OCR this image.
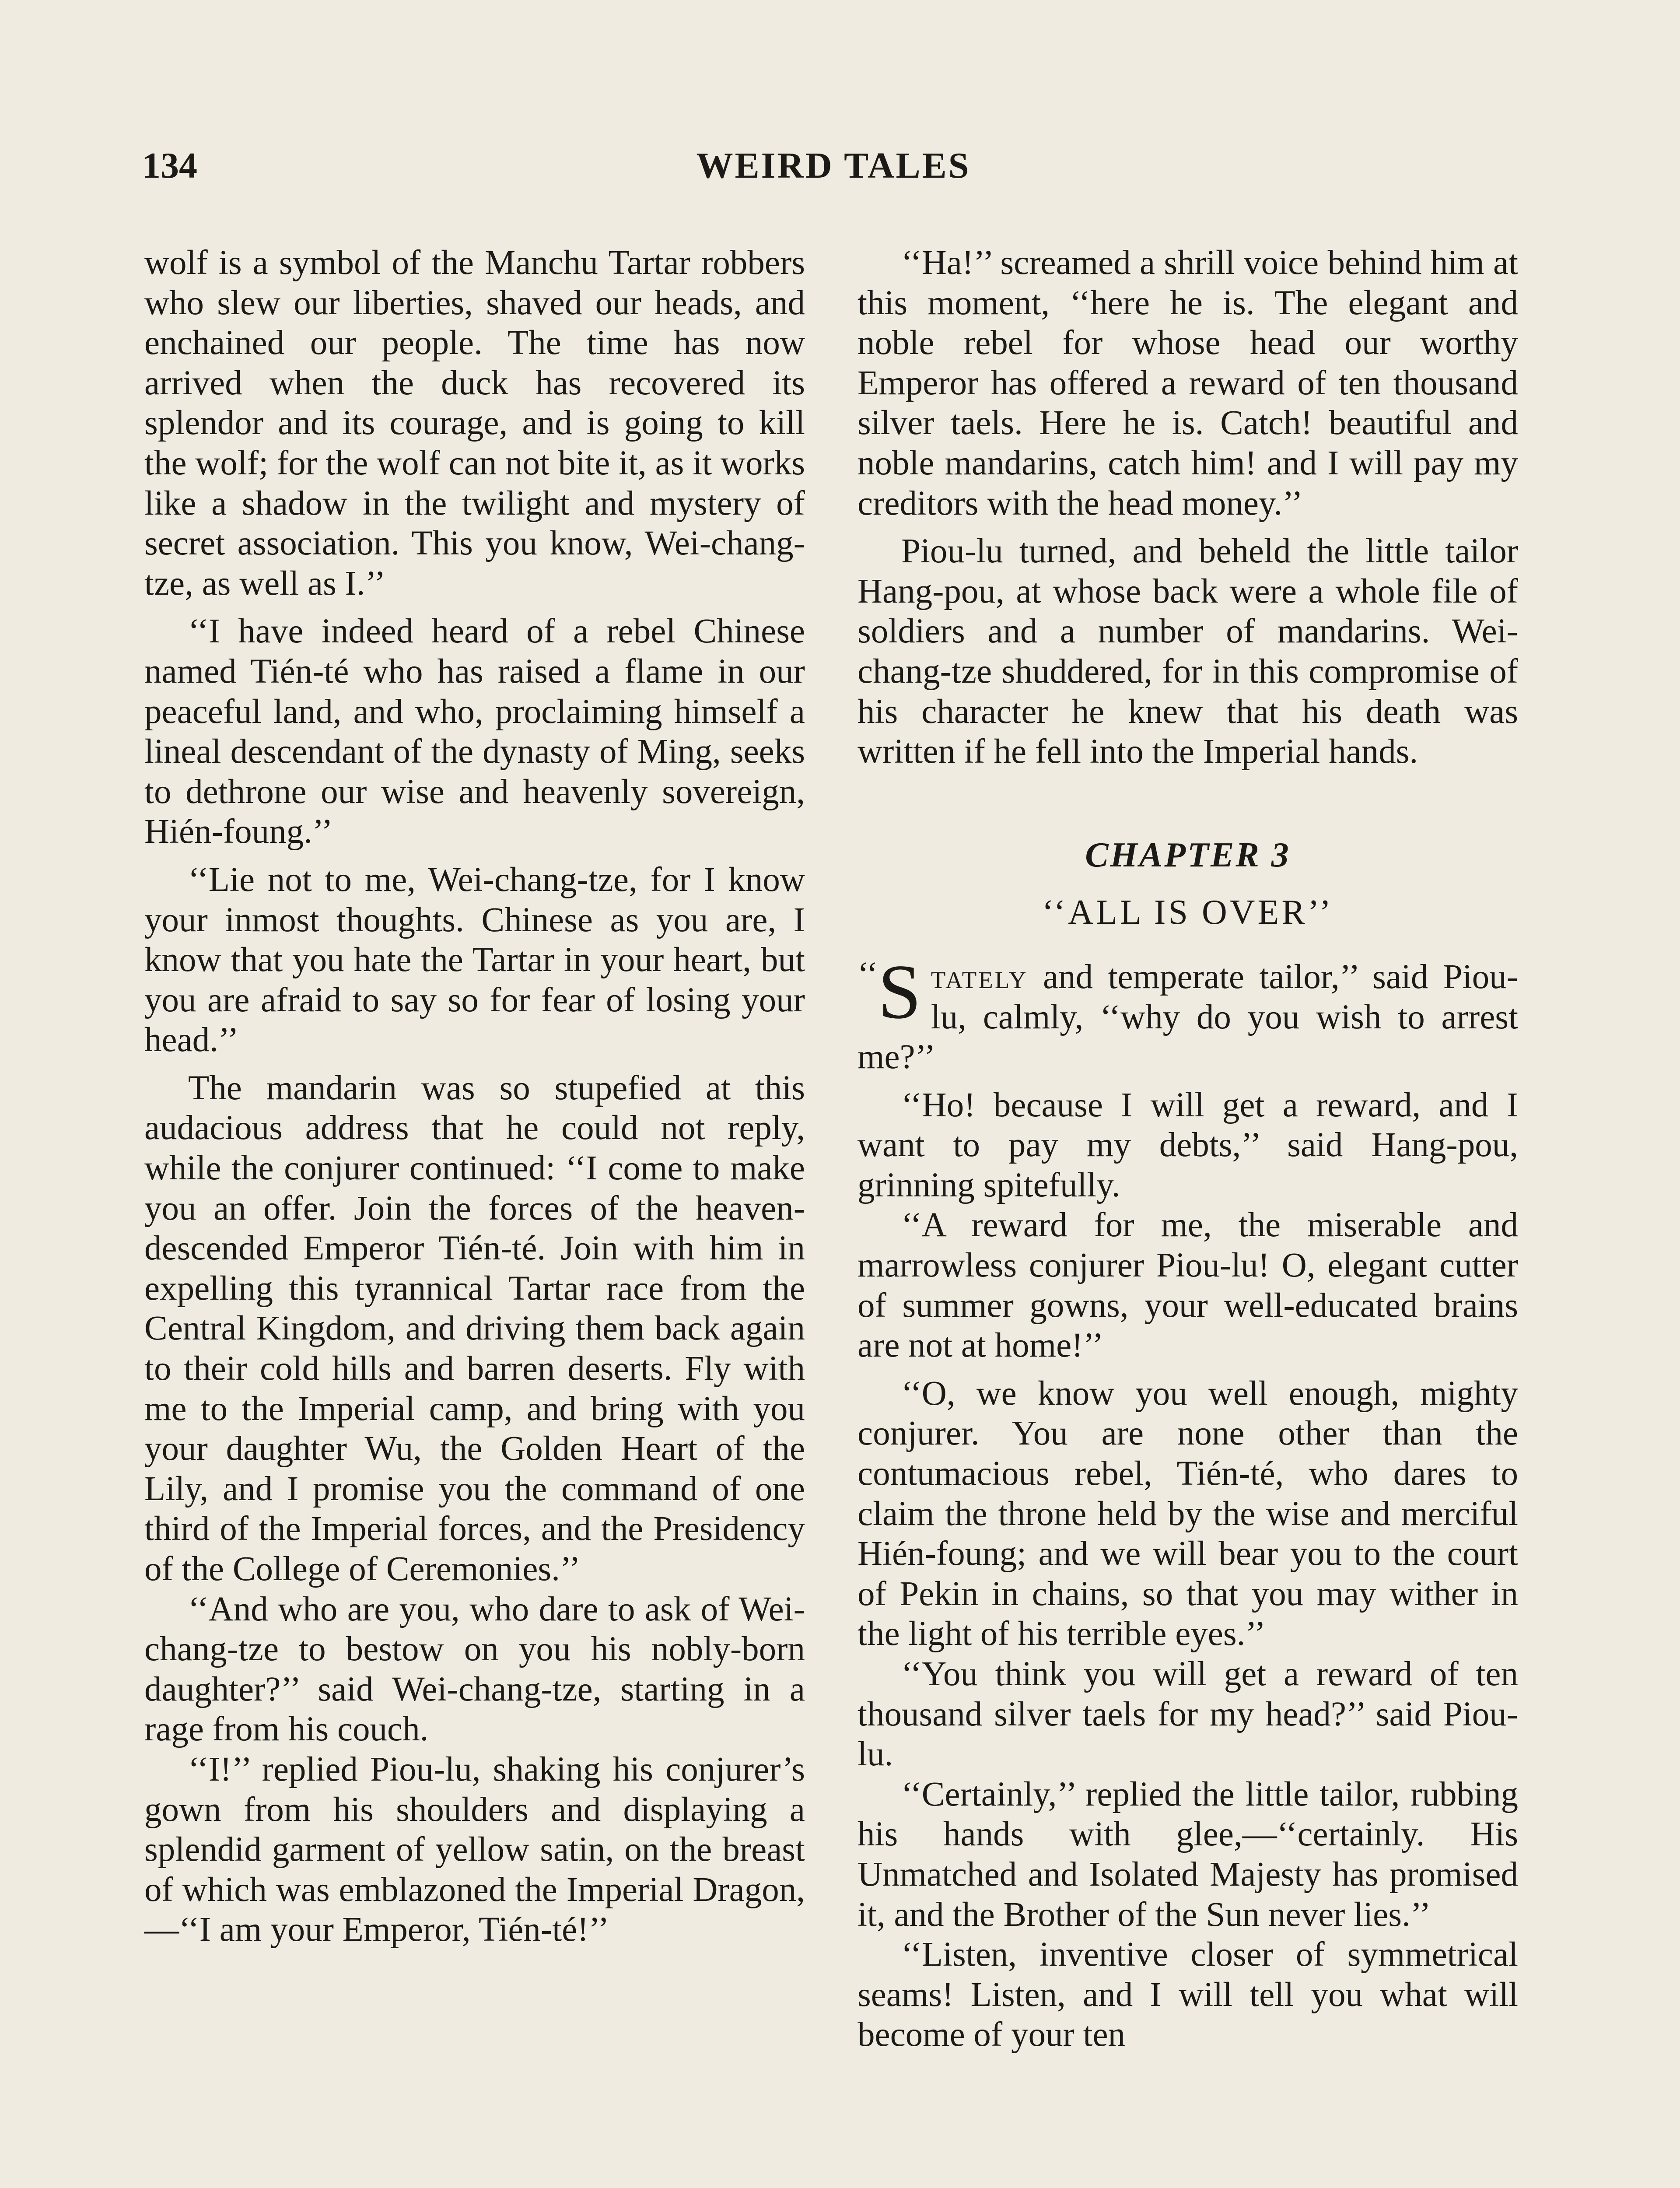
134	WEIRD TALES

wolf is a symbol of the Manchu Tartar robbers who slew our liberties, shaved our heads, and enchained our people. The time has now arrived when the duck has recovered its splendor and its courage, and is going to kill the wolf; for the wolf can not bite it, as it works like a shadow in the twilight and mystery of secret association. This you know, Wei-chang-tze, as well as I.’’

‘‘I have indeed heard of a rebel Chinese named Tién-té who has raised a flame in our peaceful land, and who, proclaiming himself a lineal descendant of the dynasty of Ming, seeks to dethrone our wise and heavenly sovereign, Hién-foung.’’

‘‘Lie not to me, Wei-chang-tze, for I know your inmost thoughts. Chinese as you are, I know that you hate the Tartar in your heart, but you are afraid to say so for fear of losing your head.’’

The mandarin was so stupefied at this audacious address that he could not reply, while the conjurer continued: ‘‘I come to make you an offer. Join the forces of the heaven-descended Emperor Tién-té. Join with him in expelling this tyrannical Tartar race from the Central Kingdom, and driving them back again to their cold hills and barren deserts. Fly with me to the Imperial camp, and bring with you your daughter Wu, the Golden Heart of the Lily, and I promise you the command of one third of the Imperial forces, and the Presidency of the College of Ceremonies.’’

‘‘And who are you, who dare to ask of Wei-chang-tze to bestow on you his nobly-born daughter?’’ said Wei-chang-tze, starting in a rage from his couch.

‘‘I!’’ replied Piou-lu, shaking his conjurer’s gown from his shoulders and displaying a splendid garment of yellow satin, on the breast of which was emblazoned the Imperial Dragon, —‘‘I am your Emperor, Tién-té!’’

‘‘Ha!’’ screamed a shrill voice behind him at this moment, ‘‘here he is. The elegant and noble rebel for whose head our worthy Emperor has offered a reward of ten thousand silver taels. Here he is. Catch! beautiful and noble mandarins, catch him! and I will pay my creditors with the head money.’’

Piou-lu turned, and beheld the little tailor Hang-pou, at whose back were a whole file of soldiers and a number of mandarins. Wei-chang-tze shuddered, for in this compromise of his character he knew that his death was written if he fell into the Imperial hands.

CHAPTER 3
‘‘ALL IS OVER’’

‘‘ S tately and temperate tailor,’’ said Piou-lu, calmly, ‘‘why do you wish to arrest me?’’

‘‘Ho! because I will get a reward, and I want to pay my debts,’’ said Hang-pou, grinning spitefully.

‘‘A reward for me, the miserable and marrowless conjurer Piou-lu! O, elegant cutter of summer gowns, your well-educated brains are not at home!’’

‘‘O, we know you well enough, mighty conjurer. You are none other than the contumacious rebel, Tién-té, who dares to claim the throne held by the wise and merciful Hién-foung; and we will bear you to the court of Pekin in chains, so that you may wither in the light of his terrible eyes.’’

‘‘You think you will get a reward of ten thousand silver taels for my head?’’ said Piou-lu.

‘‘Certainly,’’ replied the little tailor, rubbing his hands with glee,—‘‘certainly. His Unmatched and Isolated Majesty has promised it, and the Brother of the Sun never lies.’’

‘‘Listen, inventive closer of symmetrical seams! Listen, and I will tell you what will become of your ten
